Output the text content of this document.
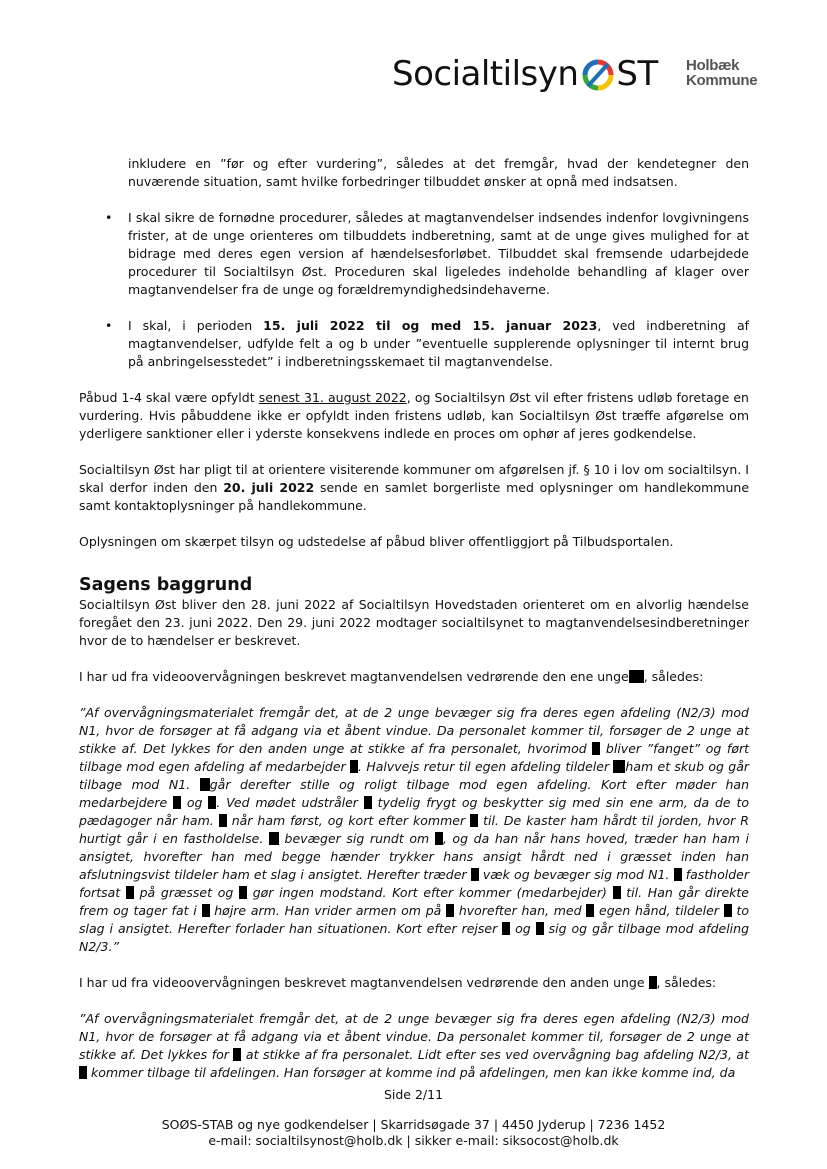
Socialtilsyn ST Holbæk
Kommune

inkludere en ”før og efter vurdering”, således at det fremgår, hvad der kendetegner den nuværende situation, samt hvilke forbedringer tilbuddet ønsker at opnå med indsatsen.

• I skal sikre de fornødne procedurer, således at magtanvendelser indsendes indenfor lovgivningens frister, at de unge orienteres om tilbuddets indberetning, samt at de unge gives mulighed for at bidrage med deres egen version af hændelsesforløbet. Tilbuddet skal fremsende udarbejdede procedurer til Socialtilsyn Øst. Proceduren skal ligeledes indeholde behandling af klager over magtanvendelser fra de unge og forældremyndighedsindehaverne.

• I skal, i perioden 15. juli 2022 til og med 15. januar 2023, ved indberetning af magtanvendelser, udfylde felt a og b under ”eventuelle supplerende oplysninger til internt brug på anbringelsesstedet” i indberetningsskemaet til magtanvendelse.

Påbud 1-4 skal være opfyldt senest 31. august 2022, og Socialtilsyn Øst vil efter fristens udløb foretage en vurdering. Hvis påbuddene ikke er opfyldt inden fristens udløb, kan Socialtilsyn Øst træffe afgørelse om yderligere sanktioner eller i yderste konsekvens indlede en proces om ophør af jeres godkendelse.

Socialtilsyn Øst har pligt til at orientere visiterende kommuner om afgørelsen jf. § 10 i lov om socialtilsyn. I skal derfor inden den 20. juli 2022 sende en samlet borgerliste med oplysninger om handlekommune samt kontaktoplysninger på handlekommune.

Oplysningen om skærpet tilsyn og udstedelse af påbud bliver offentliggjort på Tilbudsportalen.

Sagens baggrund

Socialtilsyn Øst bliver den 28. juni 2022 af Socialtilsyn Hovedstaden orienteret om en alvorlig hændelse foregået den 23. juni 2022. Den 29. juni 2022 modtager socialtilsynet to magtanvendelsesindberetninger hvor de to hændelser er beskrevet.

I har ud fra videoovervågningen beskrevet magtanvendelsen vedrørende den ene unge , således:

”Af overvågningsmaterialet fremgår det, at de 2 unge bevæger sig fra deres egen afdeling (N2/3) mod N1, hvor de forsøger at få adgang via et åbent vindue. Da personalet kommer til, forsøger de 2 unge at stikke af. Det lykkes for den anden unge at stikke af fra personalet, hvorimod  bliver ”fanget” og ført tilbage mod egen afdeling af medarbejder . Halvvejs retur til egen afdeling tildeler ham et skub og går tilbage mod N1. går derefter stille og roligt tilbage mod egen afdeling. Kort efter møder han medarbejdere  og . Ved mødet udstråler  tydelig frygt og beskytter sig med sin ene arm, da de to pædagoger når ham.  når ham først, og kort efter kommer  til. De kaster ham hårdt til jorden, hvor R hurtigt går i en fastholdelse.  bevæger sig rundt om , og da han når hans hoved, træder han ham i ansigtet, hvorefter han med begge hænder trykker hans ansigt hårdt ned i græsset inden han afslutningsvist tildeler ham et slag i ansigtet. Herefter træder  væk og bevæger sig mod N1.  fastholder fortsat  på græsset og  gør ingen modstand. Kort efter kommer (medarbejder)  til. Han går direkte frem og tager fat i  højre arm. Han vrider armen om på  hvorefter han, med  egen hånd, tildeler  to slag i ansigtet. Herefter forlader han situationen. Kort efter rejser  og  sig og går tilbage mod afdeling N2/3.”

I har ud fra videoovervågningen beskrevet magtanvendelsen vedrørende den anden unge , således:

”Af overvågningsmaterialet fremgår det, at de 2 unge bevæger sig fra deres egen afdeling (N2/3) mod N1, hvor de forsøger at få adgang via et åbent vindue. Da personalet kommer til, forsøger de 2 unge at stikke af. Det lykkes for  at stikke af fra personalet. Lidt efter ses ved overvågning bag afdeling N2/3, at  kommer tilbage til afdelingen. Han forsøger at komme ind på afdelingen, men kan ikke komme ind, da

Side 2/11
SOØS-STAB og nye godkendelser | Skarridsøgade 37 | 4450 Jyderup | 7236 1452
e-mail: socialtilsynost@holb.dk | sikker e-mail: siksocost@holb.dk
